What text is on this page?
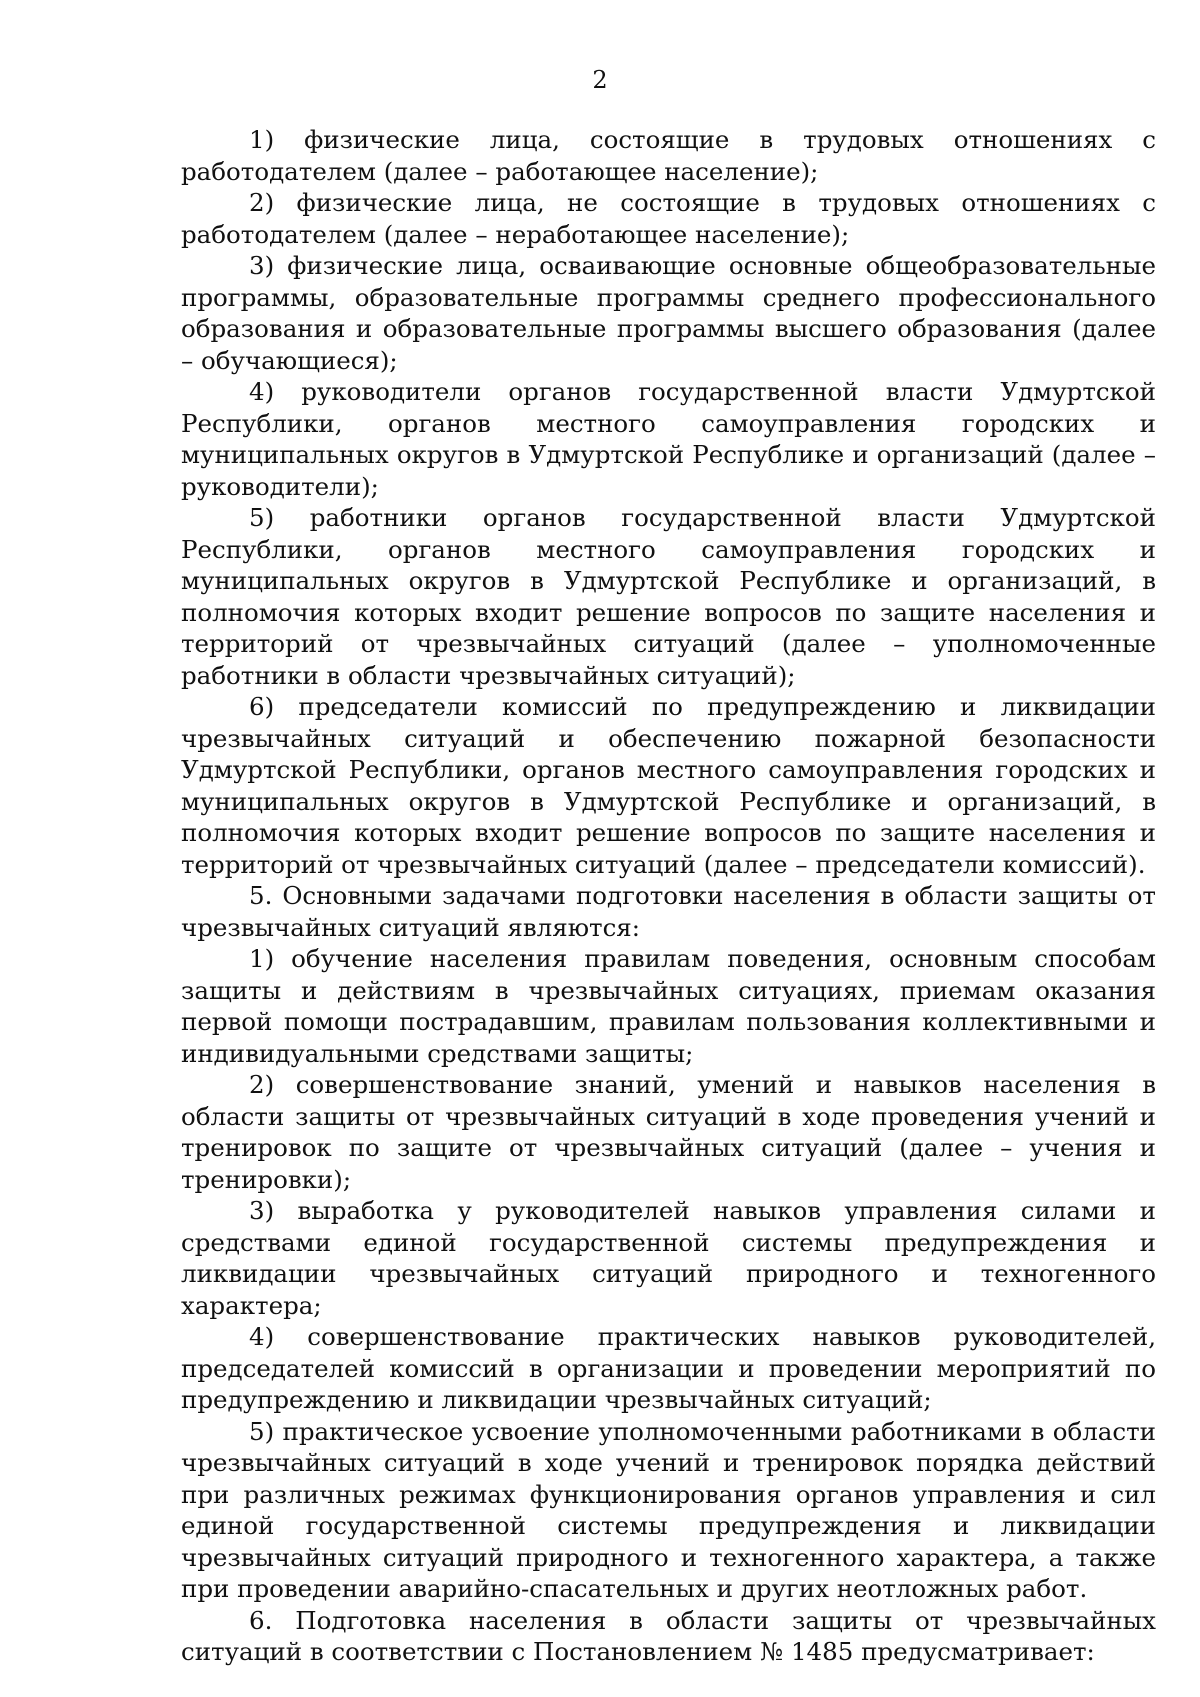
2

1) физические лица, состоящие в трудовых отношениях с работодателем (далее – работающее население);

2) физические лица, не состоящие в трудовых отношениях с работодателем (далее – неработающее население);

3) физические лица, осваивающие основные общеобразовательные программы, образовательные программы среднего профессионального образования и образовательные программы высшего образования (далее – обучающиеся);

4) руководители органов государственной власти Удмуртской Республики, органов местного самоуправления городских и муниципальных округов в Удмуртской Республике и организаций (далее – руководители);

5) работники органов государственной власти Удмуртской Республики, органов местного самоуправления городских и муниципальных округов в Удмуртской Республике и организаций, в полномочия которых входит решение вопросов по защите населения и территорий от чрезвычайных ситуаций (далее – уполномоченные работники в области чрезвычайных ситуаций);

6) председатели комиссий по предупреждению и ликвидации чрезвычайных ситуаций и обеспечению пожарной безопасности Удмуртской Республики, органов местного самоуправления городских и муниципальных округов в Удмуртской Республике и организаций, в полномочия которых входит решение вопросов по защите населения и территорий от чрезвычайных ситуаций (далее – председатели комиссий).

5. Основными задачами подготовки населения в области защиты от чрезвычайных ситуаций являются:

1) обучение населения правилам поведения, основным способам защиты и действиям в чрезвычайных ситуациях, приемам оказания первой помощи пострадавшим, правилам пользования коллективными и индивидуальными средствами защиты;

2) совершенствование знаний, умений и навыков населения в области защиты от чрезвычайных ситуаций в ходе проведения учений и тренировок по защите от чрезвычайных ситуаций (далее – учения и тренировки);

3) выработка у руководителей навыков управления силами и средствами единой государственной системы предупреждения и ликвидации чрезвычайных ситуаций природного и техногенного характера;

4) совершенствование практических навыков руководителей, председателей комиссий в организации и проведении мероприятий по предупреждению и ликвидации чрезвычайных ситуаций;

5) практическое усвоение уполномоченными работниками в области чрезвычайных ситуаций в ходе учений и тренировок порядка действий при различных режимах функционирования органов управления и сил единой государственной системы предупреждения и ликвидации чрезвычайных ситуаций природного и техногенного характера, а также при проведении аварийно-спасательных и других неотложных работ.

6. Подготовка населения в области защиты от чрезвычайных ситуаций в соответствии с Постановлением № 1485 предусматривает:
